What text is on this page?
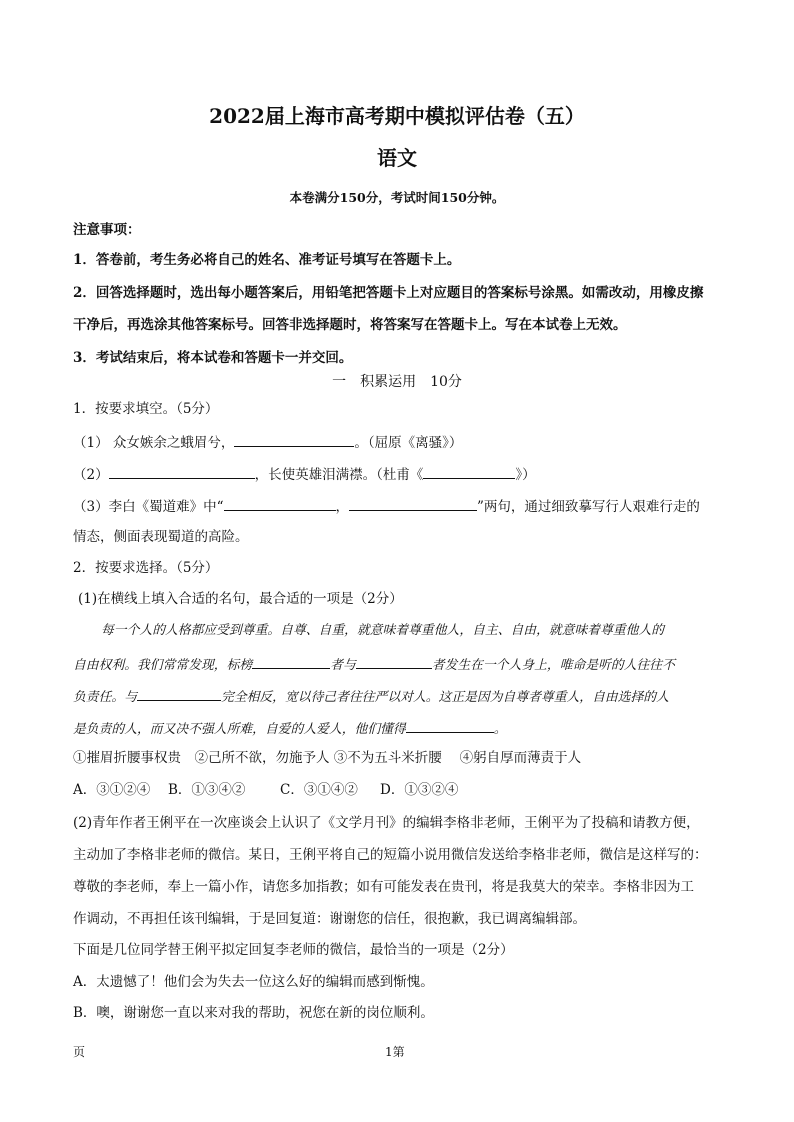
2022届上海市高考期中模拟评估卷（五）
语文
本卷满分150分，考试时间150分钟。
注意事项：
1．答卷前，考生务必将自己的姓名、准考证号填写在答题卡上。
2．回答选择题时，选出每小题答案后，用铅笔把答题卡上对应题目的答案标号涂黑。如需改动，用橡皮擦
干净后，再选涂其他答案标号。回答非选择题时，将答案写在答题卡上。写在本试卷上无效。
3．考试结束后，将本试卷和答题卡一并交回。
一　积累运用　10分
1．按要求填空。（5分）
（1） 众女嫉余之蛾眉兮，	。（屈原《离骚》）
（2）	，长使英雄泪满襟。（杜甫《	》）
（3）李白《蜀道难》中“	，	”两句，通过细致摹写行人艰难行走的
情态，侧面表现蜀道的高险。
2．按要求选择。（5分）
(1)在横线上填入合适的名句，最合适的一项是（2分）
每一个人的人格都应受到尊重。自尊、自重，就意味着尊重他人，自主、自由，就意味着尊重他人的
自由权利。我们常常发现，标榜	者与	者发生在一个人身上，唯命是听的人往往不
负责任。与	完全相反，宽以待己者往往严以对人。这正是因为自尊者尊重人，自由选择的人
是负责的人，而又决不强人所难，自爱的人爱人，他们懂得	。
①摧眉折腰事权贵　②己所不欲，勿施予人 ③不为五斗米折腰　 ④躬自厚而薄责于人
A．③①②④ B．①③④②	C．③①④② D．①③②④
(2)青年作者王俐平在一次座谈会上认识了《文学月刊》的编辑李格非老师，王俐平为了投稿和请教方便，
主动加了李格非老师的微信。某日，王俐平将自己的短篇小说用微信发送给李格非老师，微信是这样写的：
尊敬的李老师，奉上一篇小作，请您多加指教；如有可能发表在贵刊，将是我莫大的荣幸。李格非因为工
作调动，不再担任该刊编辑，于是回复道：谢谢您的信任，很抱歉，我已调离编辑部。
下面是几位同学替王俐平拟定回复李老师的微信，最恰当的一项是（2分）
A．太遗憾了！他们会为失去一位这么好的编辑而感到惭愧。
B．噢，谢谢您一直以来对我的帮助，祝您在新的岗位顺利。
页	1第
